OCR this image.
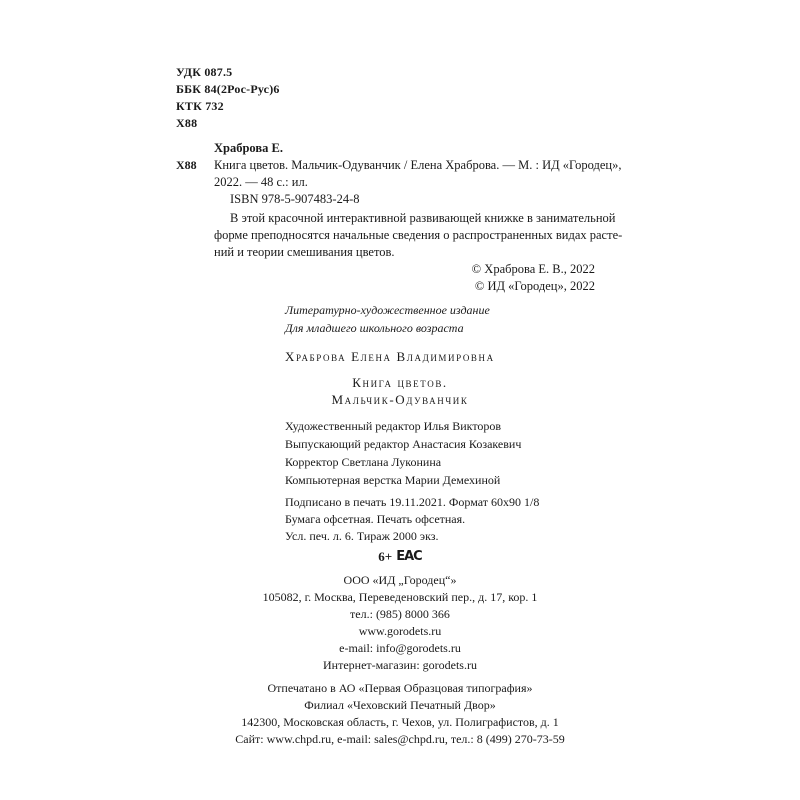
УДК 087.5
ББК 84(2Рос-Рус)6
КТК 732
Х88
Храброва Е.
Х88 Книга цветов. Мальчик-Одуванчик / Елена Храброва. — М. : ИД «Городец»,
2022. — 48 с.: ил.
ISBN 978-5-907483-24-8
В этой красочной интерактивной развивающей книжке в занимательной
форме преподносятся начальные сведения о распространенных видах расте-
ний и теории смешивания цветов.
© Храброва Е. В., 2022
© ИД «Городец», 2022
Литературно-художественное издание
Для младшего школьного возраста
Храброва Елена Владимировна
Книга цветов.
Мальчик-Одуванчик
Художественный редактор Илья Викторов
Выпускающий редактор Анастасия Козакевич
Корректор Светлана Луконина
Компьютерная верстка Марии Демехиной
Подписано в печать 19.11.2021. Формат 60x90 1/8
Бумага офсетная. Печать офсетная.
Усл. печ. л. 6. Тираж 2000 экз.
6+ ЕАС
ООО «ИД „Городец“»
105082, г. Москва, Переведеновский пер., д. 17, кор. 1
тел.: (985) 8000 366
www.gorodets.ru
e-mail: info@gorodets.ru
Интернет-магазин: gorodets.ru
Отпечатано в АО «Первая Образцовая типография»
Филиал «Чеховский Печатный Двор»
142300, Московская область, г. Чехов, ул. Полиграфистов, д. 1
Сайт: www.chpd.ru, e-mail: sales@chpd.ru, тел.: 8 (499) 270-73-59
